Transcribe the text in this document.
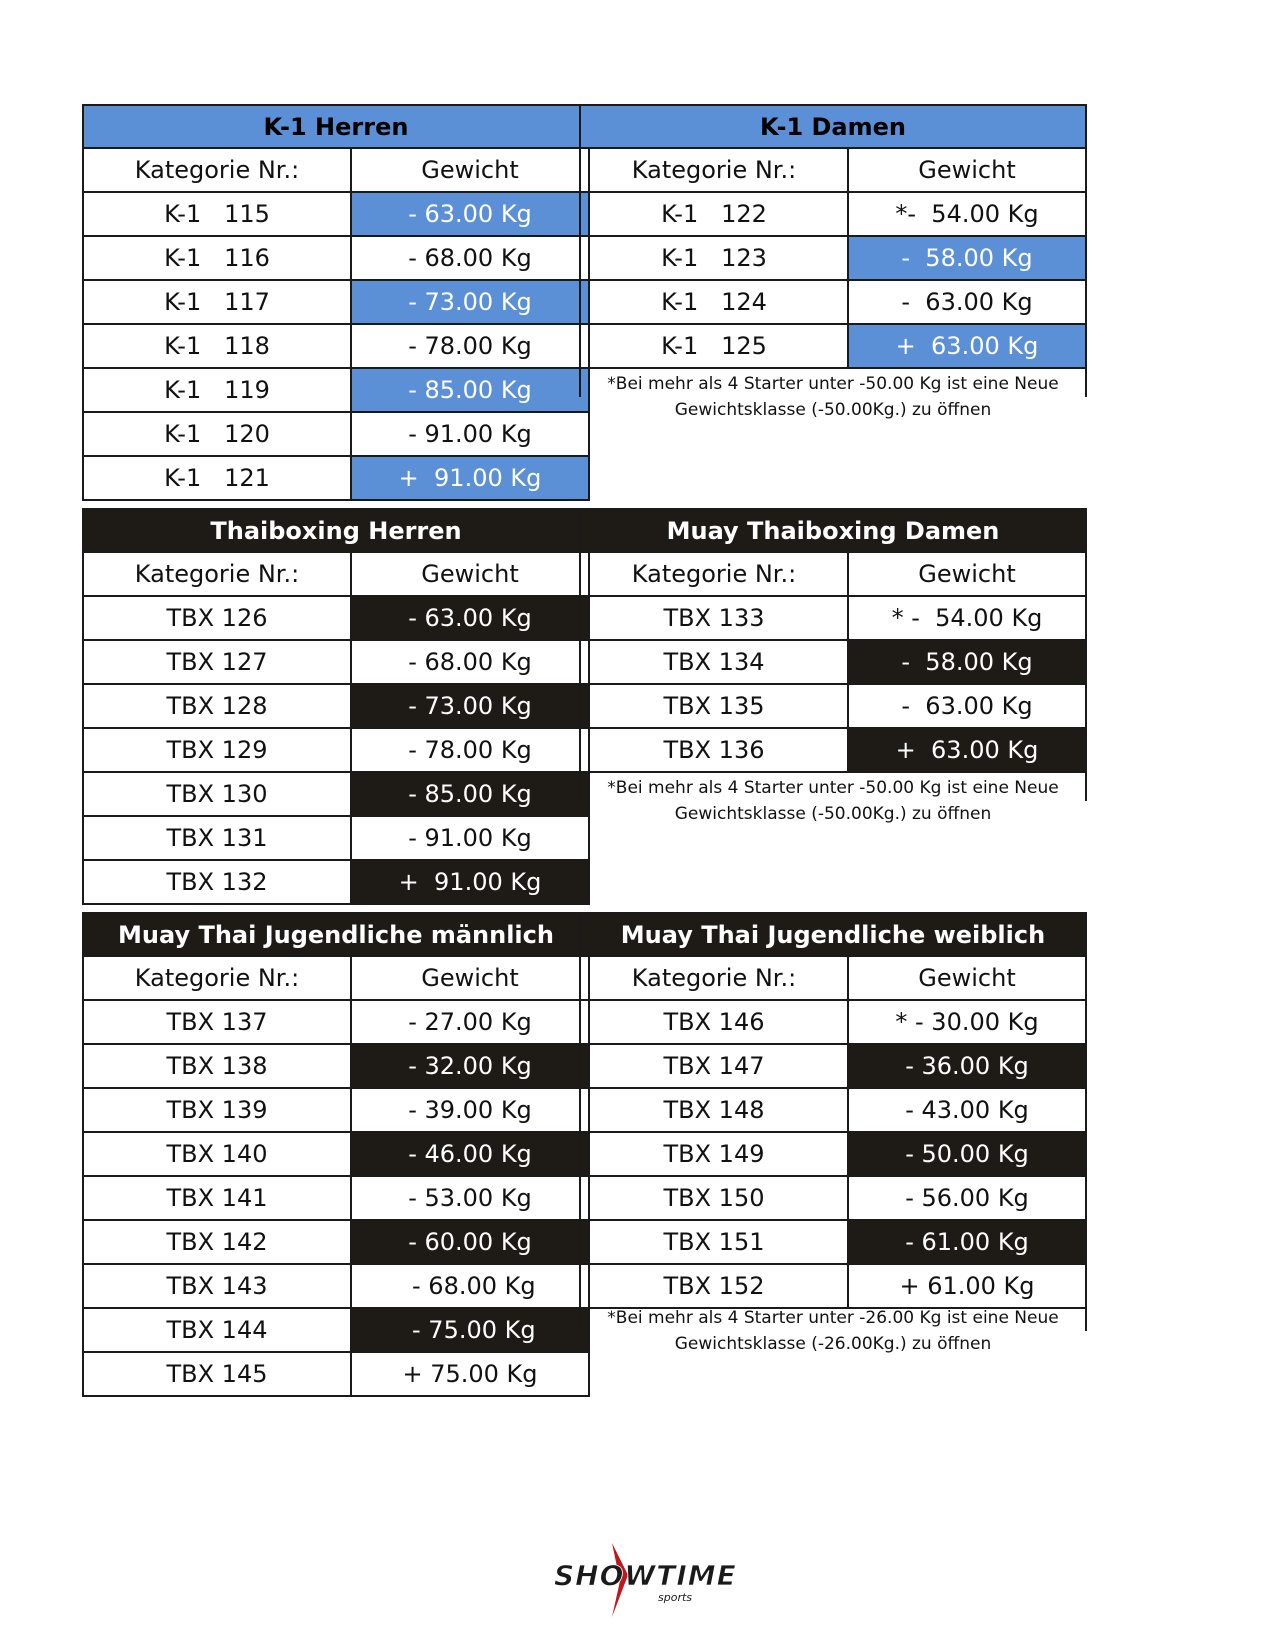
K-1 Herren
Kategorie Nr.:	Gewicht
K-1   115	- 63.00 Kg
K-1   116	- 68.00 Kg
K-1   117	- 73.00 Kg
K-1   118	- 78.00 Kg
K-1   119	- 85.00 Kg
K-1   120	- 91.00 Kg
K-1   121	+  91.00 Kg
K-1 Damen
Kategorie Nr.:	Gewicht
K-1   122	*-  54.00 Kg
K-1   123	-  58.00 Kg
K-1   124	-  63.00 Kg
K-1   125	+  63.00 Kg
*Bei mehr als 4 Starter unter -50.00 Kg ist eine Neue
Gewichtsklasse (-50.00Kg.) zu öffnen
Thaiboxing Herren
Kategorie Nr.:	Gewicht
TBX 126	- 63.00 Kg
TBX 127	- 68.00 Kg
TBX 128	- 73.00 Kg
TBX 129	- 78.00 Kg
TBX 130	- 85.00 Kg
TBX 131	- 91.00 Kg
TBX 132	+  91.00 Kg
Muay Thaiboxing Damen
Kategorie Nr.:	Gewicht
TBX 133	* -  54.00 Kg
TBX 134	-  58.00 Kg
TBX 135	-  63.00 Kg
TBX 136	+  63.00 Kg
*Bei mehr als 4 Starter unter -50.00 Kg ist eine Neue
Gewichtsklasse (-50.00Kg.) zu öffnen
Muay Thai Jugendliche männlich
Kategorie Nr.:	Gewicht
TBX 137	- 27.00 Kg
TBX 138	- 32.00 Kg
TBX 139	- 39.00 Kg
TBX 140	- 46.00 Kg
TBX 141	- 53.00 Kg
TBX 142	- 60.00 Kg
TBX 143	- 68.00 Kg
TBX 144	- 75.00 Kg
TBX 145	+ 75.00 Kg
Muay Thai Jugendliche weiblich
Kategorie Nr.:	Gewicht
TBX 146	* - 30.00 Kg
TBX 147	- 36.00 Kg
TBX 148	- 43.00 Kg
TBX 149	- 50.00 Kg
TBX 150	- 56.00 Kg
TBX 151	- 61.00 Kg
TBX 152	+ 61.00 Kg
*Bei mehr als 4 Starter unter -26.00 Kg ist eine Neue
Gewichtsklasse (-26.00Kg.) zu öffnen
SHOWTIME
sports
